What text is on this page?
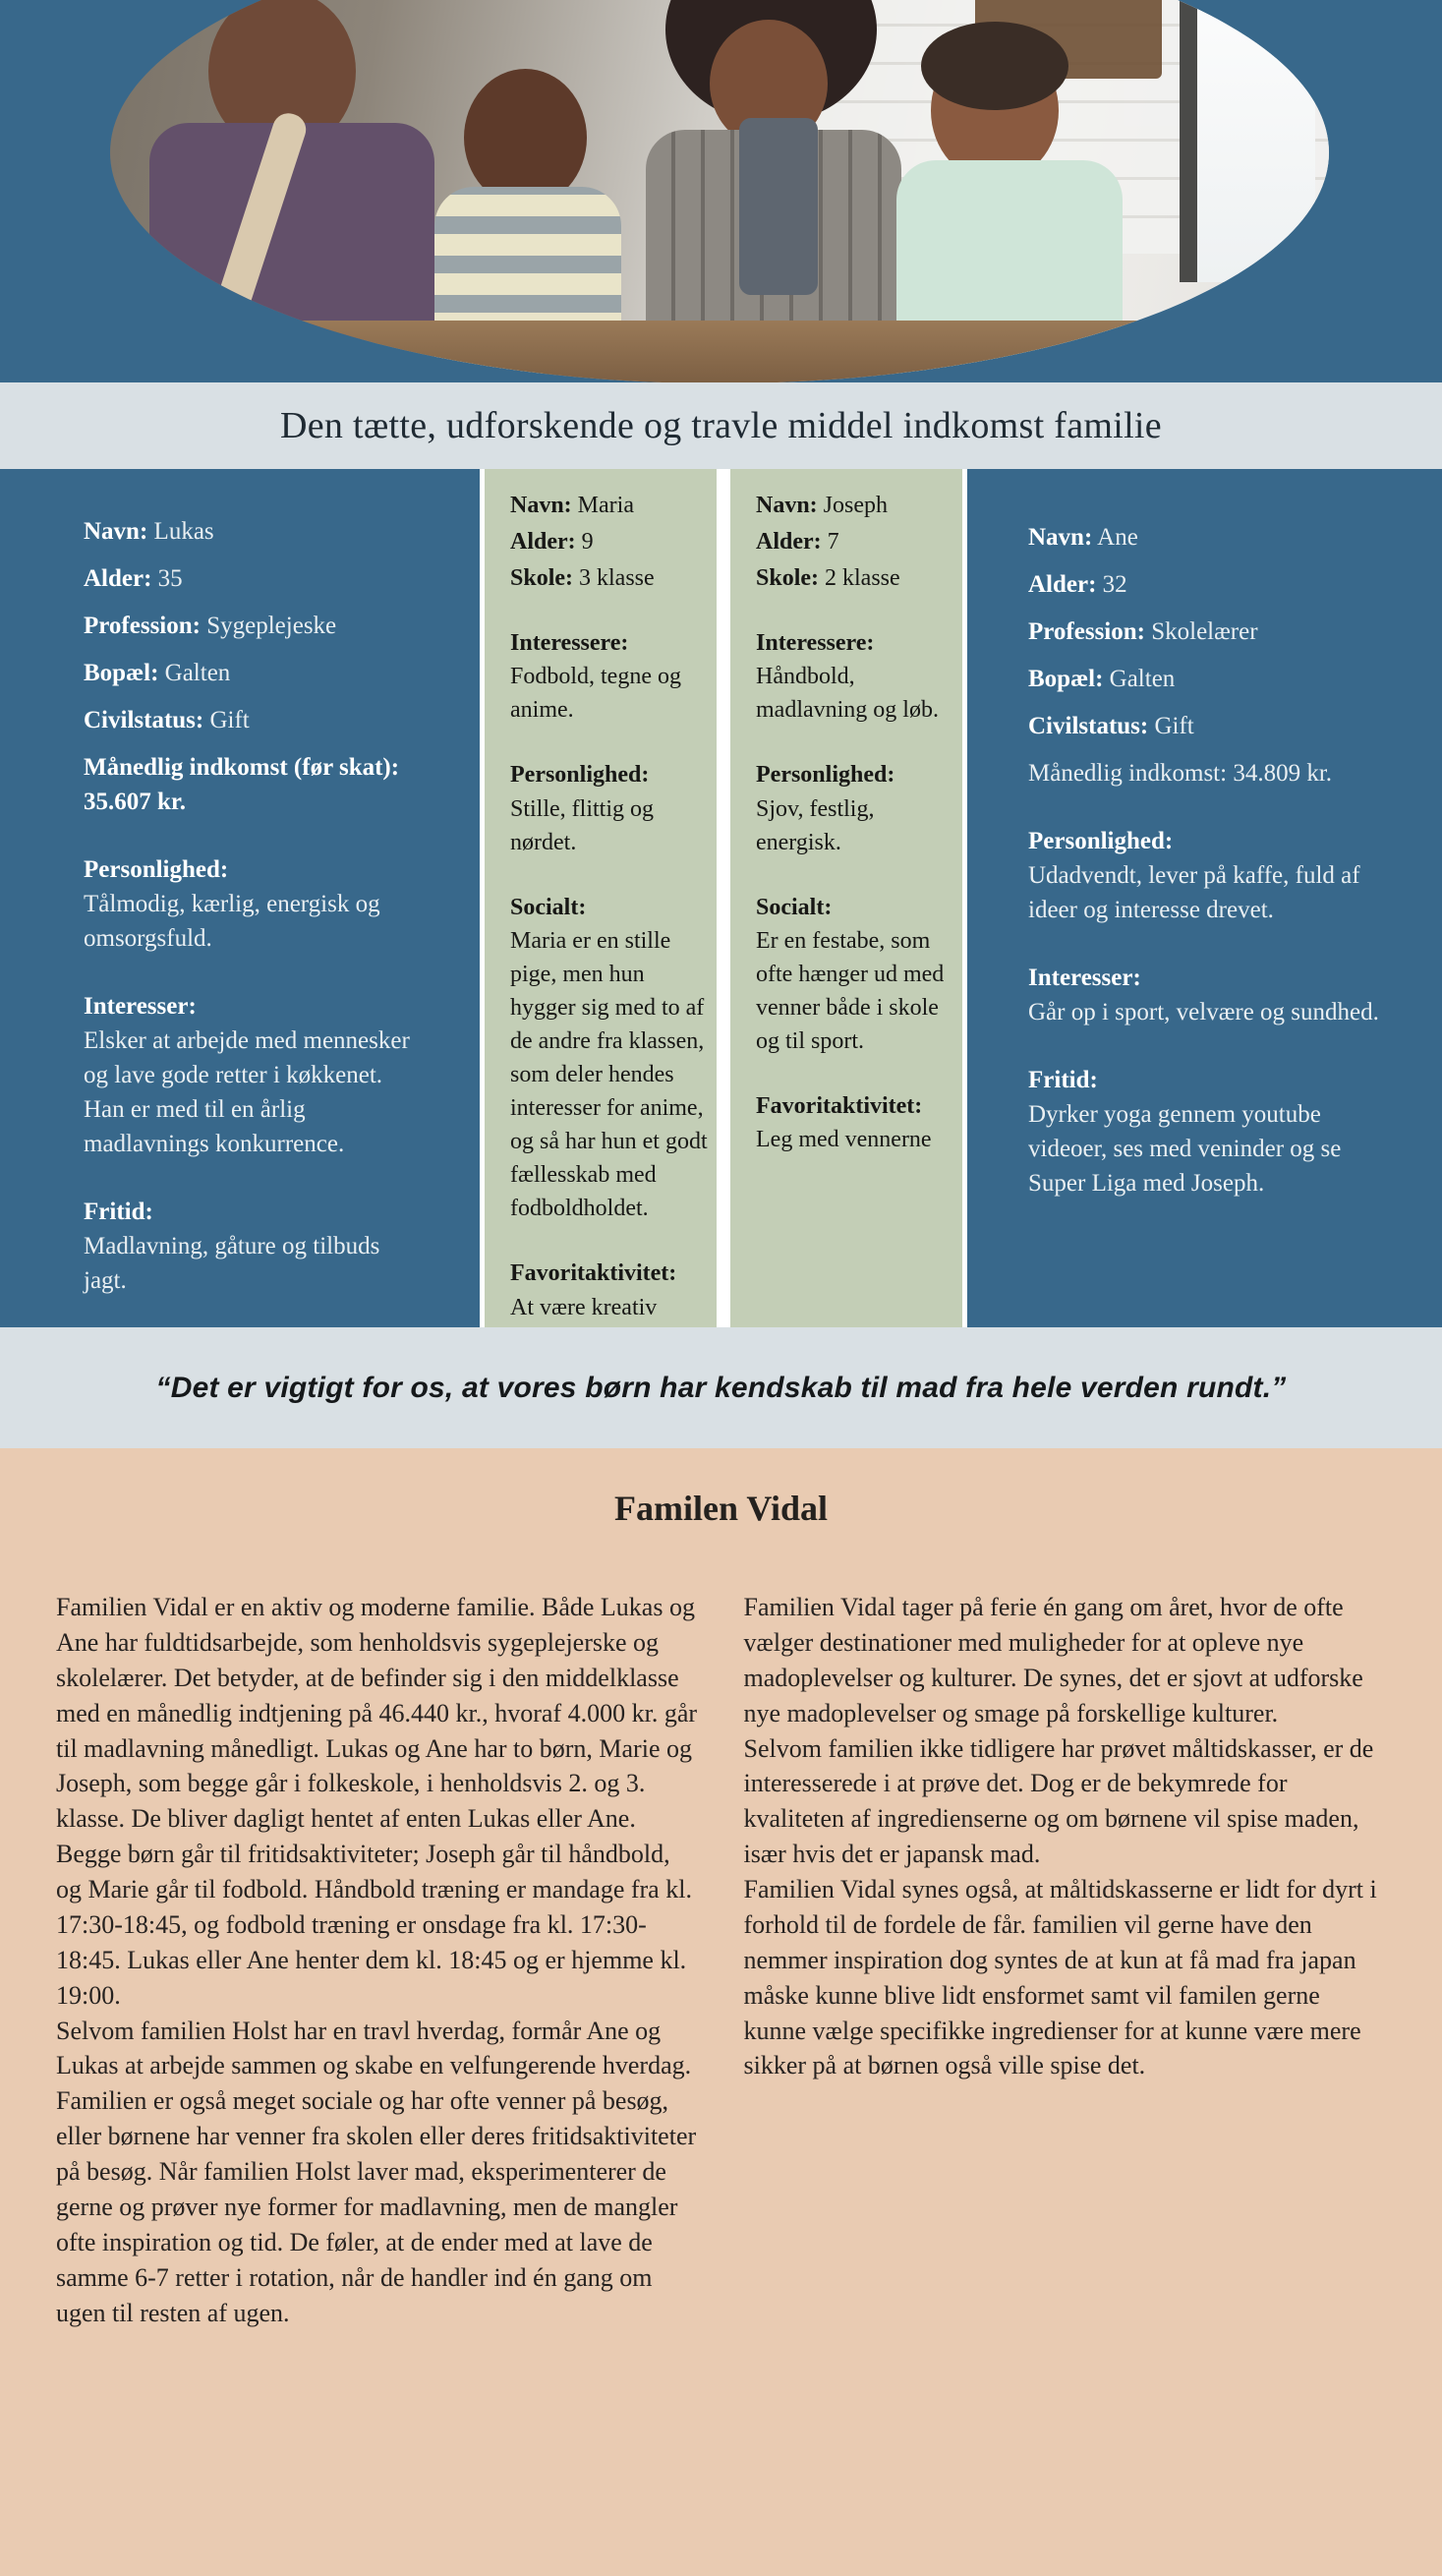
Den tætte, udforskende og travle middel indkomst familie
Navn: Lukas
Alder: 35
Profession: Sygeplejeske
Bopæl: Galten
Civilstatus: Gift
Månedlig indkomst (før skat): 35.607 kr.
Personlighed:
Tålmodig, kærlig, energisk og omsorgsfuld.
Interesser:
Elsker at arbejde med mennesker og lave gode retter i køkkenet. Han er med til en årlig madlavnings konkurrence.
Fritid:
Madlavning, gåture og tilbuds jagt.
Navn: Maria
Alder: 9
Skole: 3 klasse
Interessere:
Fodbold, tegne og anime.
Personlighed:
Stille, flittig og nørdet.
Socialt:
Maria er en stille pige, men hun hygger sig med to af de andre fra klassen, som deler hendes interesser for anime, og så har hun et godt fællesskab med fodboldholdet.
Favoritaktivitet:
At være kreativ
Navn: Joseph
Alder: 7
Skole: 2 klasse
Interessere:
Håndbold, madlavning og løb.
Personlighed:
Sjov, festlig, energisk.
Socialt:
Er en festabe, som ofte hænger ud med venner både i skole og til sport.
Favoritaktivitet:
Leg med vennerne
Navn: Ane
Alder: 32
Profession: Skolelærer
Bopæl: Galten
Civilstatus: Gift
Månedlig indkomst: 34.809 kr.
Personlighed:
Udadvendt, lever på kaffe, fuld af ideer og interesse drevet.
Interesser:
Går op i sport, velvære og sundhed.
Fritid:
Dyrker yoga gennem youtube videoer, ses med veninder og se Super Liga med Joseph.
“Det er vigtigt for os, at vores børn har kendskab til mad fra hele verden rundt.”
Familen Vidal

Familien Vidal er en aktiv og moderne familie. Både Lukas og Ane har fuldtidsarbejde, som henholdsvis sygeplejerske og skolelærer. Det betyder, at de befinder sig i den middelklasse med en månedlig indtjening på 46.440 kr., hvoraf 4.000 kr. går til madlavning månedligt. Lukas og Ane har to børn, Marie og Joseph, som begge går i folkeskole, i henholdsvis 2. og 3. klasse. De bliver dagligt hentet af enten Lukas eller Ane.

Begge børn går til fritidsaktiviteter; Joseph går til håndbold, og Marie går til fodbold. Håndbold træning er mandage fra kl. 17:30-18:45, og fodbold træning er onsdage fra kl. 17:30-18:45. Lukas eller Ane henter dem kl. 18:45 og er hjemme kl. 19:00.

Selvom familien Holst har en travl hverdag, formår Ane og Lukas at arbejde sammen og skabe en velfungerende hverdag.

Familien er også meget sociale og har ofte venner på besøg, eller børnene har venner fra skolen eller deres fritidsaktiviteter på besøg. Når familien Holst laver mad, eksperimenterer de gerne og prøver nye former for madlavning, men de mangler ofte inspiration og tid. De føler, at de ender med at lave de samme 6-7 retter i rotation, når de handler ind én gang om ugen til resten af ugen.

Familien Vidal tager på ferie én gang om året, hvor de ofte vælger destinationer med muligheder for at opleve nye madoplevelser og kulturer. De synes, det er sjovt at udforske nye madoplevelser og smage på forskellige kulturer.

Selvom familien ikke tidligere har prøvet måltidskasser, er de interesserede i at prøve det. Dog er de bekymrede for kvaliteten af ingredienserne og om børnene vil spise maden, især hvis det er japansk mad.

Familien Vidal synes også, at måltidskasserne er lidt for dyrt i forhold til de fordele de får. familien vil gerne have den nemmer inspiration dog syntes de at kun at få mad fra japan måske kunne blive lidt ensformet samt vil familen gerne kunne vælge specifikke ingredienser for at kunne være mere sikker på at børnen også ville spise det.
